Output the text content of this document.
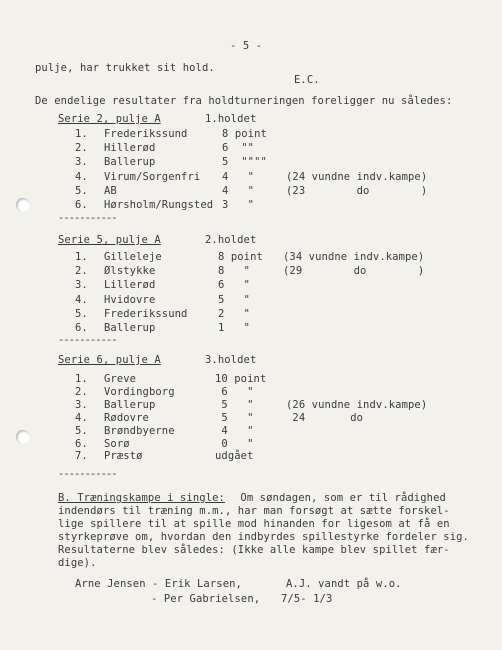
- 5 -
pulje, har trukket sit hold.
E.C.
De endelige resultater fra holdturneringen foreligger nu således:
Serie 2, pulje A	1.holdet
1. Frederikssund	8 point
2. Hillerød	6  ""
3. Ballerup	5  """"
4. Virum/Sorgenfri 4   "	(24 vundne indv.kampe)
5. AB	4   "	(23        do        )
6. Hørsholm/Rungsted 3   "
-----------
Serie 5, pulje A	2.holdet
1. Gilleleje	8 point (34 vundne indv.kampe)
2. Ølstykke	8   "	(29        do        )
3. Lillerød	6   "
4. Hvidovre	5   "
5. Frederikssund	2   "
6. Ballerup	1   "
-----------
Serie 6, pulje A	3.holdet
1. Greve	10 point
2. Vordingborg	6   "
3. Ballerup	5   "	(26 vundne indv.kampe)
4. Rødovre	5   "	24       do
5. Brøndbyerne	4   "
6. Sorø	0   "
7. Præstø	udgået
-----------
B. Træningskampe i single: Om søndagen, som er til rådighed
indendørs til træning m.m., har man forsøgt at sætte forskel-
lige spillere til at spille mod hinanden for ligesom at få en
styrkeprøve om, hvordan den indbyrdes spillestyrke fordeler sig.
Resultaterne blev således: (Ikke alle kampe blev spillet fær-
dige).
Arne Jensen - Erik Larsen,	A.J. vandt på w.o.
- Per Gabrielsen, 7/5- 1/3
